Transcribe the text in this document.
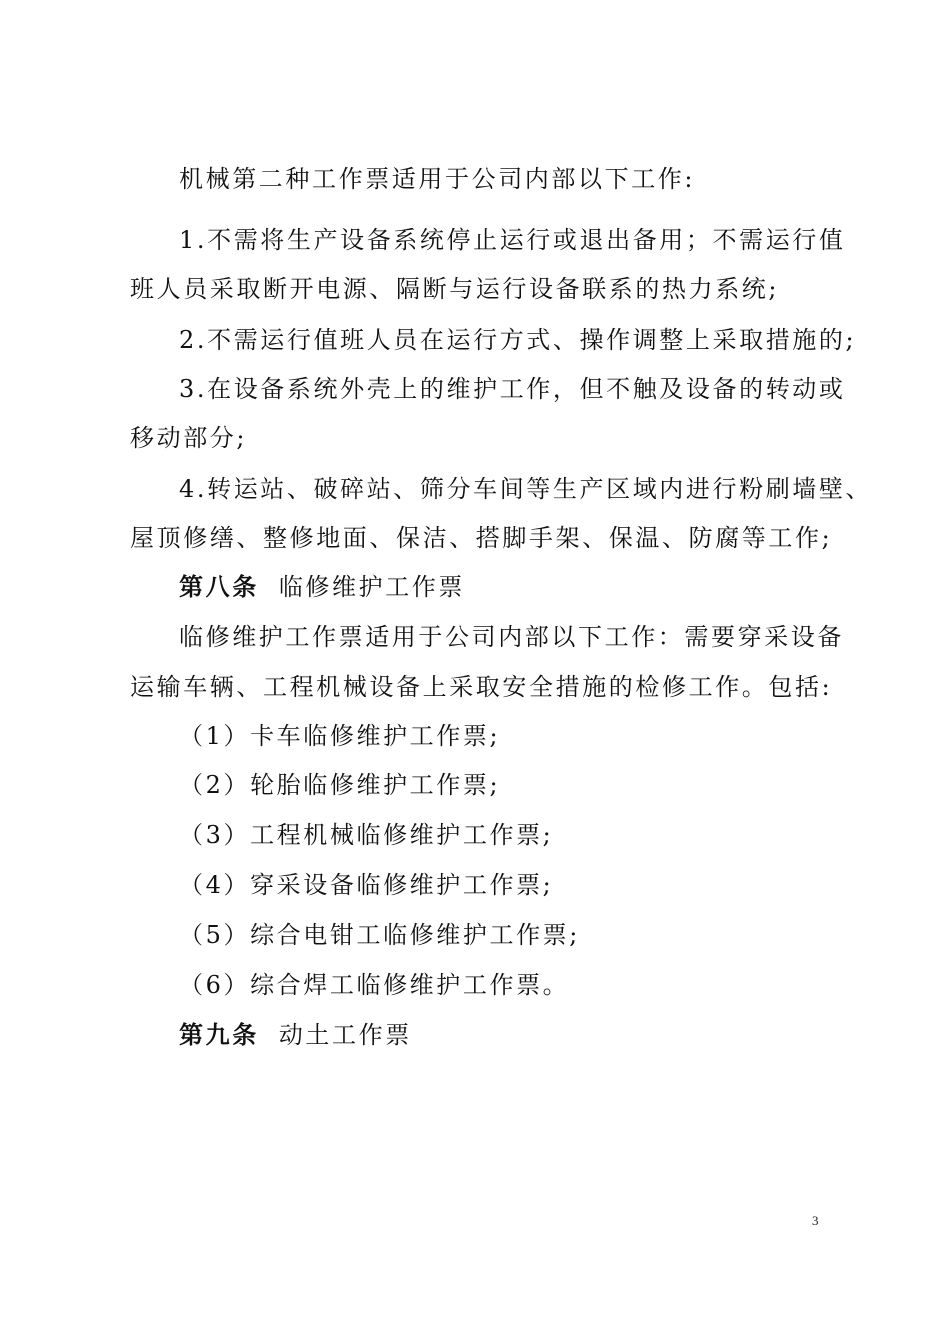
机械第二种工作票适用于公司内部以下工作:
1.不需将生产设备系统停止运行或退出备用；不需运行值
班人员采取断开电源、隔断与运行设备联系的热力系统;
2.不需运行值班人员在运行方式、操作调整上采取措施的;
3.在设备系统外壳上的维护工作，但不触及设备的转动或
移动部分;
4.转运站、破碎站、筛分车间等生产区域内进行粉刷墙壁、
屋顶修缮、整修地面、保洁、搭脚手架、保温、防腐等工作;
第八条 临修维护工作票
临修维护工作票适用于公司内部以下工作：需要穿采设备
运输车辆、工程机械设备上采取安全措施的检修工作。包括:
（1）卡车临修维护工作票;
（2）轮胎临修维护工作票;
（3）工程机械临修维护工作票;
（4）穿采设备临修维护工作票;
（5）综合电钳工临修维护工作票;
（6）综合焊工临修维护工作票。
第九条 动土工作票
3
